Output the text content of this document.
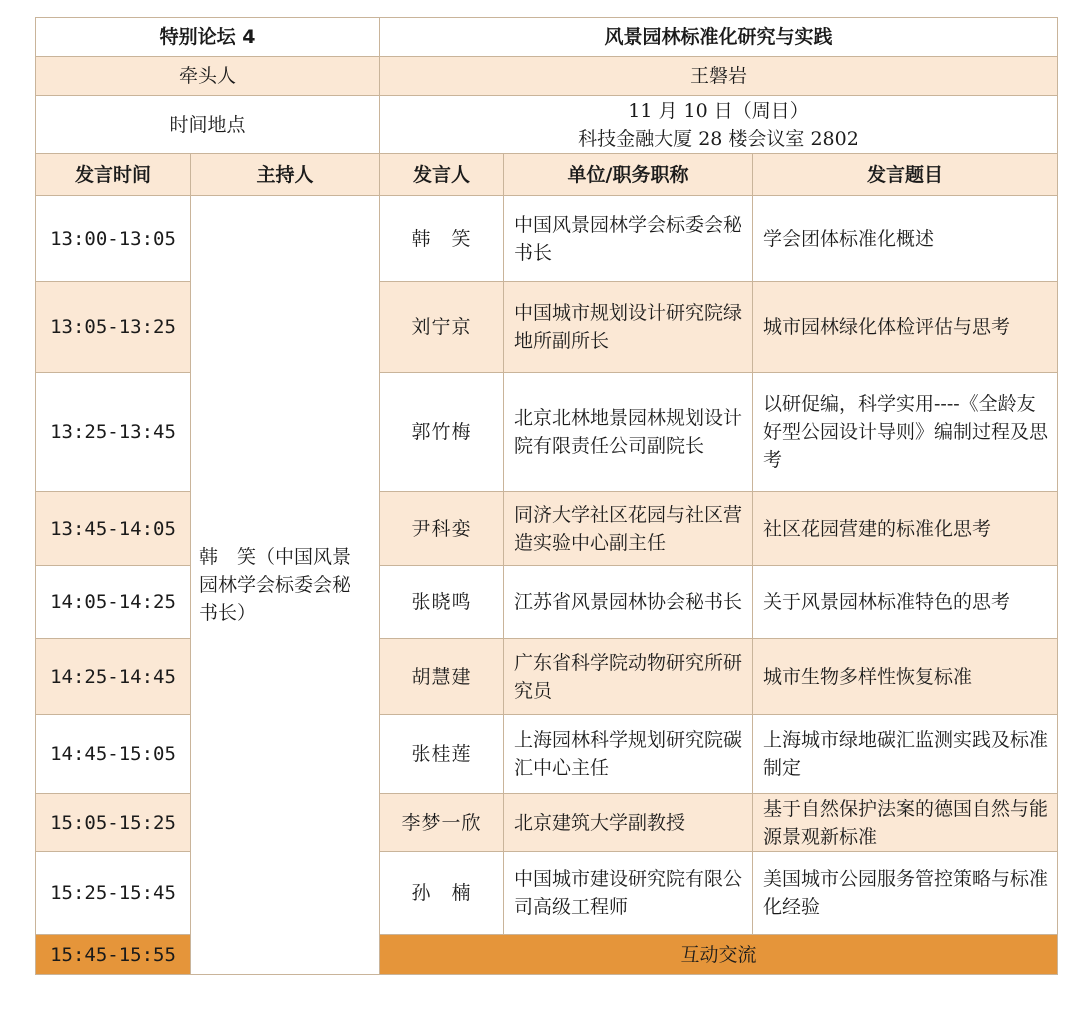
特别论坛 4		风景园林标准化研究与实践		
牵头人		王磐岩		
时间地点		11 月 10 日（周日）
科技金融大厦 28 楼会议室 2802		

发言时间	主持人	发言人	单位/职务职称	发言题目
13:00-13:05	韩　笑（中国风景园林学会标委会秘书长）	韩　笑	中国风景园林学会标委会秘书长	学会团体标准化概述
13:05-13:25		刘宁京	中国城市规划设计研究院绿地所副所长	城市园林绿化体检评估与思考
13:25-13:45		郭竹梅	北京北林地景园林规划设计院有限责任公司副院长	以研促编，科学实用----《全龄友好型公园设计导则》编制过程及思考
13:45-14:05		尹科娈	同济大学社区花园与社区营造实验中心副主任	社区花园营建的标准化思考
14:05-14:25		张晓鸣	江苏省风景园林协会秘书长	关于风景园林标准特色的思考
14:25-14:45		胡慧建	广东省科学院动物研究所研究员	城市生物多样性恢复标准
14:45-15:05		张桂莲	上海园林科学规划研究院碳汇中心主任	上海城市绿地碳汇监测实践及标准制定
15:05-15:25		李梦一欣	北京建筑大学副教授	基于自然保护法案的德国自然与能源景观新标准
15:25-15:45		孙　楠	中国城市建设研究院有限公司高级工程师	美国城市公园服务管控策略与标准化经验
15:45-15:55		互动交流		
